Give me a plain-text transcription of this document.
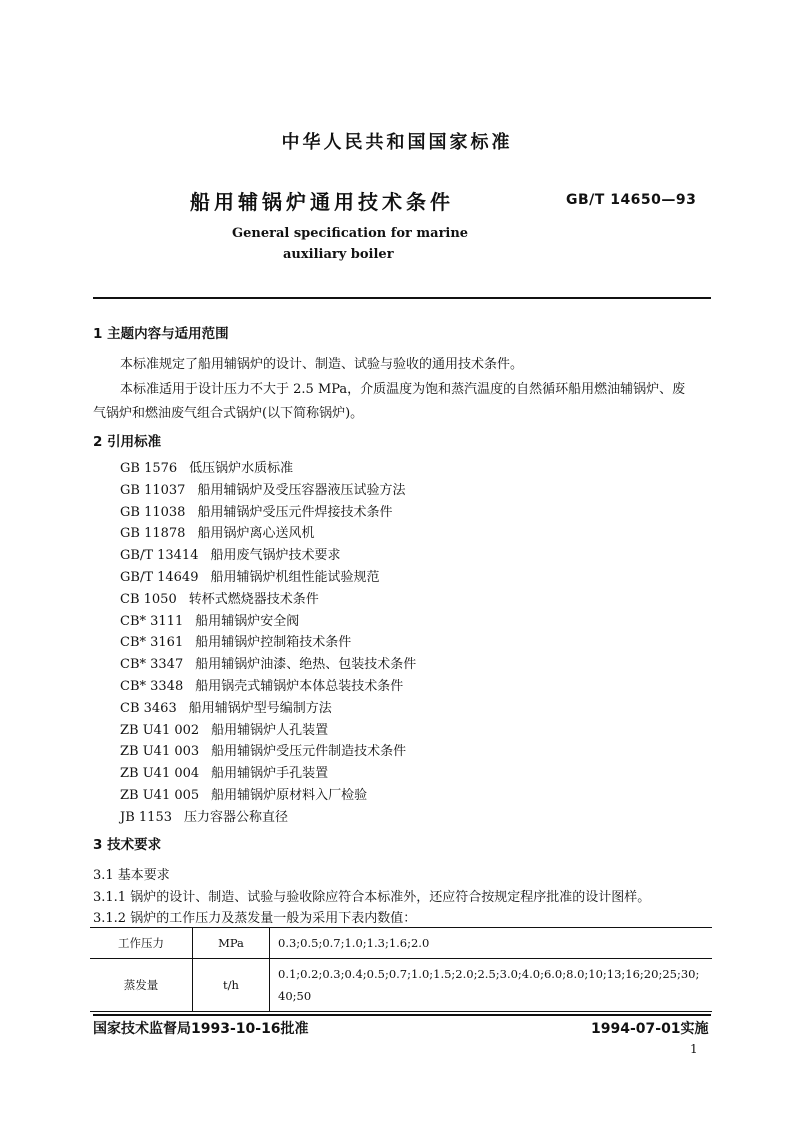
中华人民共和国国家标准
船用辅锅炉通用技术条件	GB/T 14650—93
General specification for marine
auxiliary boiler
1 主题内容与适用范围
本标准规定了船用辅锅炉的设计、制造、试验与验收的通用技术条件。
本标准适用于设计压力不大于 2.5 MPa，介质温度为饱和蒸汽温度的自然循环船用燃油辅锅炉、废
气锅炉和燃油废气组合式锅炉(以下简称锅炉)。
2 引用标准
GB 1576 低压锅炉水质标准
GB 11037 船用辅锅炉及受压容器液压试验方法
GB 11038 船用辅锅炉受压元件焊接技术条件
GB 11878 船用锅炉离心送风机
GB/T 13414 船用废气锅炉技术要求
GB/T 14649 船用辅锅炉机组性能试验规范
CB 1050 转杯式燃烧器技术条件
CB* 3111 船用辅锅炉安全阀
CB* 3161 船用辅锅炉控制箱技术条件
CB* 3347 船用辅锅炉油漆、绝热、包装技术条件
CB* 3348 船用锅壳式辅锅炉本体总装技术条件
CB 3463 船用辅锅炉型号编制方法
ZB U41 002 船用辅锅炉人孔装置
ZB U41 003 船用辅锅炉受压元件制造技术条件
ZB U41 004 船用辅锅炉手孔装置
ZB U41 005 船用辅锅炉原材料入厂检验
JB 1153 压力容器公称直径
3 技术要求
3.1 基本要求
3.1.1 锅炉的设计、制造、试验与验收除应符合本标准外，还应符合按规定程序批准的设计图样。
3.1.2 锅炉的工作压力及蒸发量一般为采用下表内数值：
工作压力	MPa	0.3;0.5;0.7;1.0;1.3;1.6;2.0
蒸发量	t/h	0.1;0.2;0.3;0.4;0.5;0.7;1.0;1.5;2.0;2.5;3.0;4.0;6.0;8.0;10;13;16;20;25;30;40;50
国家技术监督局1993-10-16批准	1994-07-01实施
1
